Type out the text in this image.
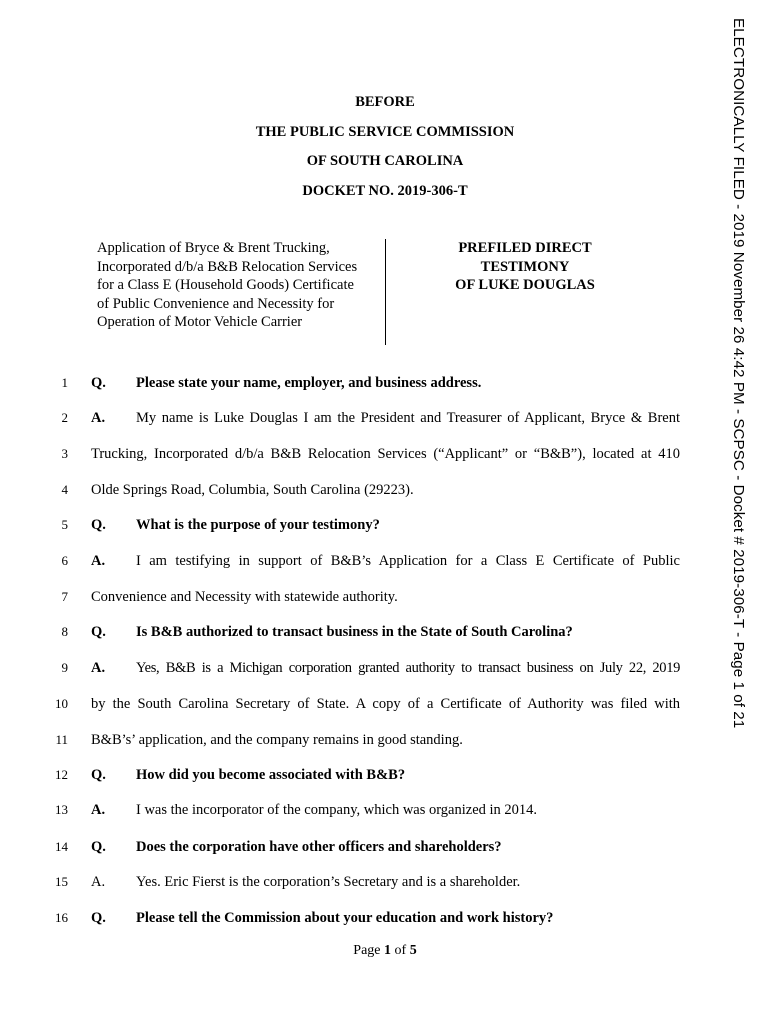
ELECTRONICALLY FILED - 2019 November 26 4:42 PM - SCPSC - Docket # 2019-306-T - Page 1 of 21
BEFORE
THE PUBLIC SERVICE COMMISSION
OF SOUTH CAROLINA
DOCKET NO. 2019-306-T
Application of Bryce & Brent Trucking,
Incorporated d/b/a B&B Relocation Services
for a Class E (Household Goods) Certificate
of Public Convenience and Necessity for
Operation of Motor Vehicle Carrier
PREFILED DIRECT
TESTIMONY
OF LUKE DOUGLAS
1 Q. Please state your name, employer, and business address.
2 A. My name is Luke Douglas I am the President and Treasurer of Applicant, Bryce & Brent
3 Trucking, Incorporated d/b/a B&B Relocation Services (“Applicant” or “B&B”), located at 410
4 Olde Springs Road, Columbia, South Carolina (29223).
5 Q. What is the purpose of your testimony?
6 A. I am testifying in support of B&B’s Application for a Class E Certificate of Public
7 Convenience and Necessity with statewide authority.
8 Q. Is B&B authorized to transact business in the State of South Carolina?
9 A. Yes, B&B is a Michigan corporation granted authority to transact business on July 22, 2019
10 by the South Carolina Secretary of State. A copy of a Certificate of Authority was filed with
11 B&B’s’ application, and the company remains in good standing.
12 Q. How did you become associated with B&B?
13 A. I was the incorporator of the company, which was organized in 2014.
14 Q. Does the corporation have other officers and shareholders?
15 A. Yes. Eric Fierst is the corporation’s Secretary and is a shareholder.
16 Q. Please tell the Commission about your education and work history?
Page 1 of 5
